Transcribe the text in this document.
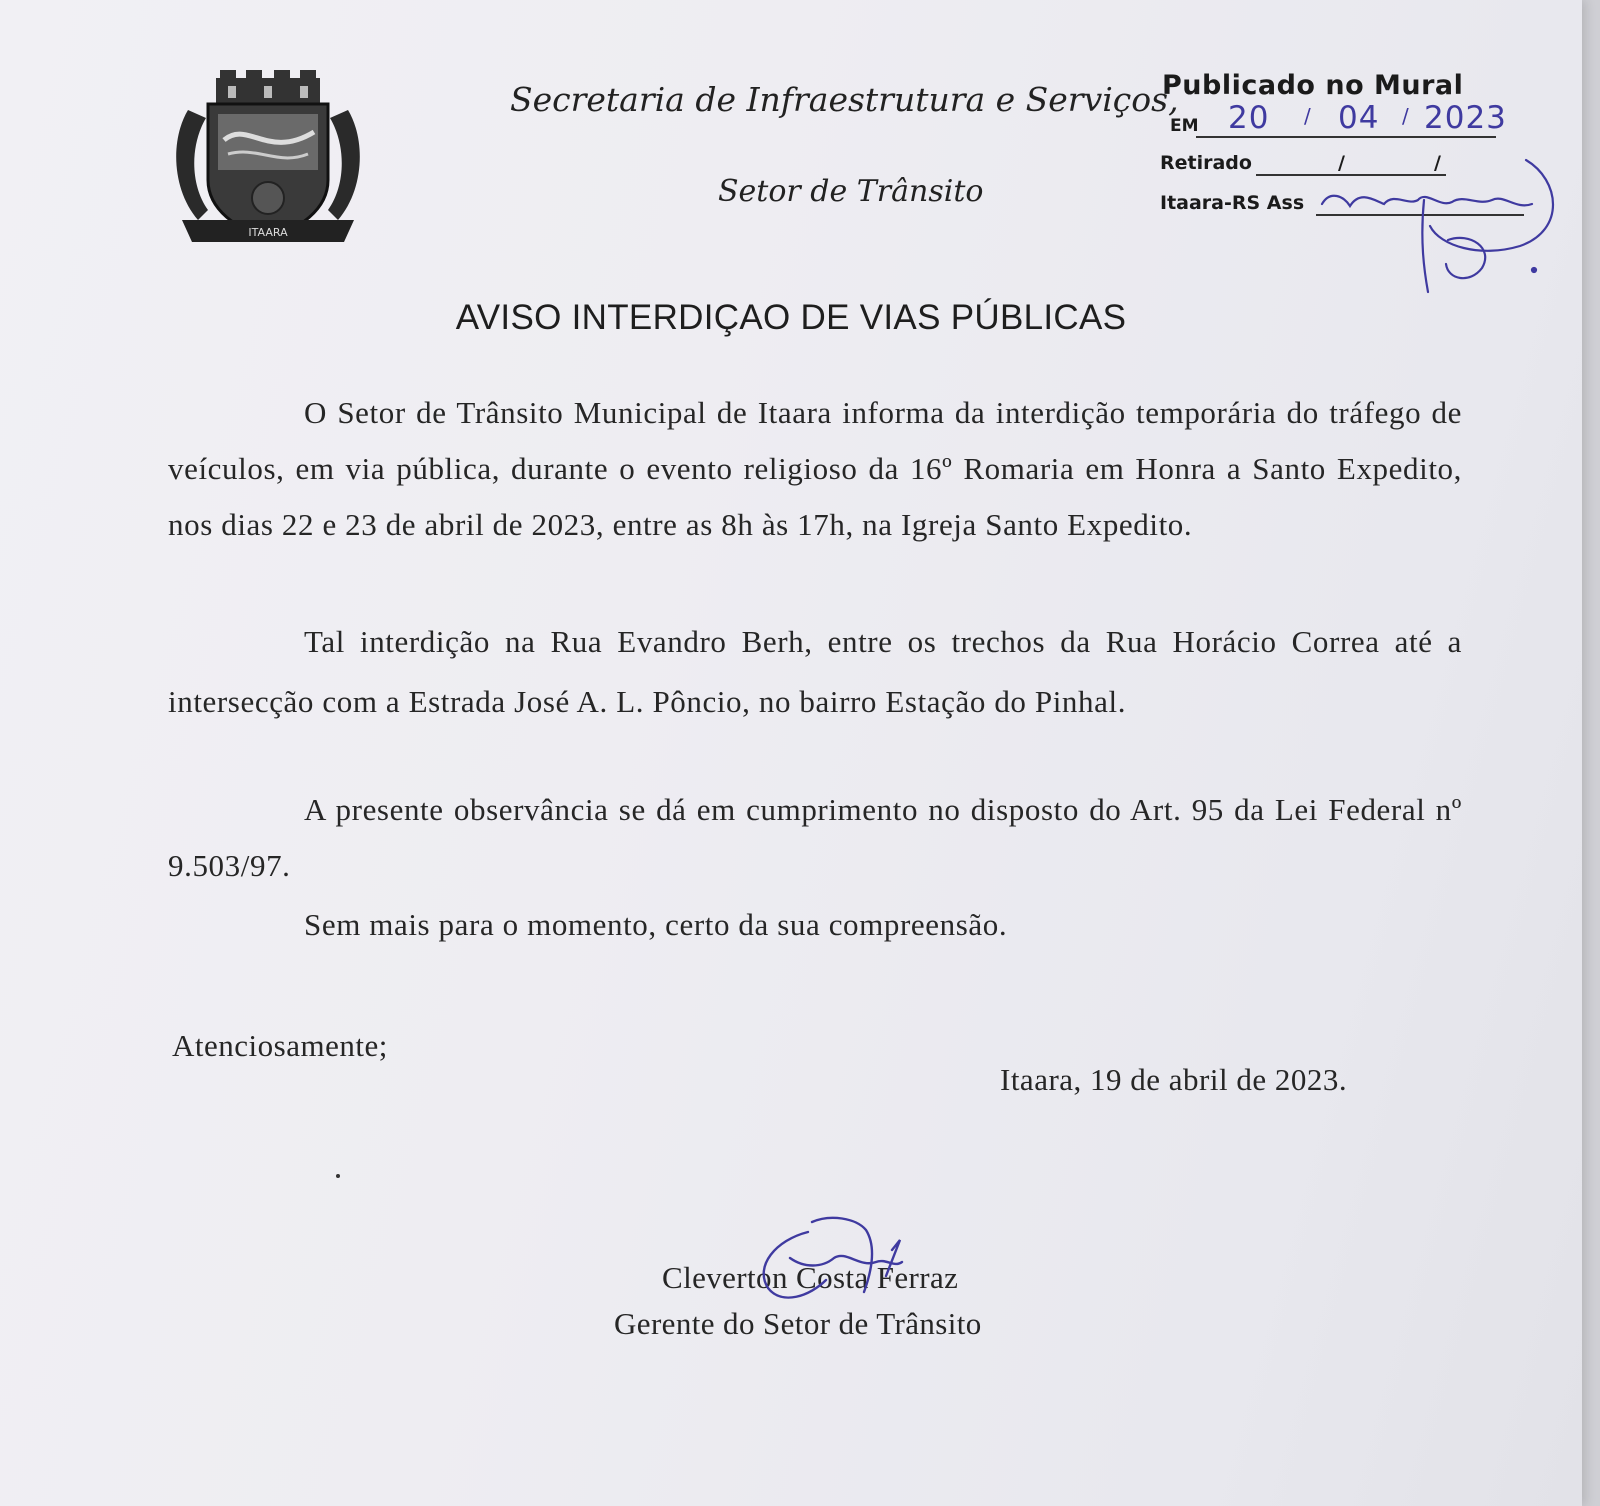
ITAARA
Secretaria de Infraestrutura e Serviços,
Setor de Trânsito
Publicado no Mural
EM 20 / 04 / 2023
Retirado	/	/
Itaara-RS Ass
AVISO INTERDIÇAO DE VIAS PÚBLICAS

O Setor de Trânsito Municipal de Itaara informa da interdição temporária do tráfego de veículos, em via pública, durante o evento religioso da 16º Romaria em Honra a Santo Expedito, nos dias 22 e 23 de abril de 2023, entre as 8h às 17h, na Igreja Santo Expedito.

Tal interdição na Rua Evandro Berh, entre os trechos da Rua Horácio Correa até a intersecção com a Estrada José A. L. Pôncio, no bairro Estação do Pinhal.

A presente observância se dá em cumprimento no disposto do Art. 95 da Lei Federal nº 9.503/97.

Sem mais para o momento, certo da sua compreensão.

Atenciosamente;
Itaara, 19 de abril de 2023.
Cleverton Costa Ferraz
Gerente do Setor de Trânsito
